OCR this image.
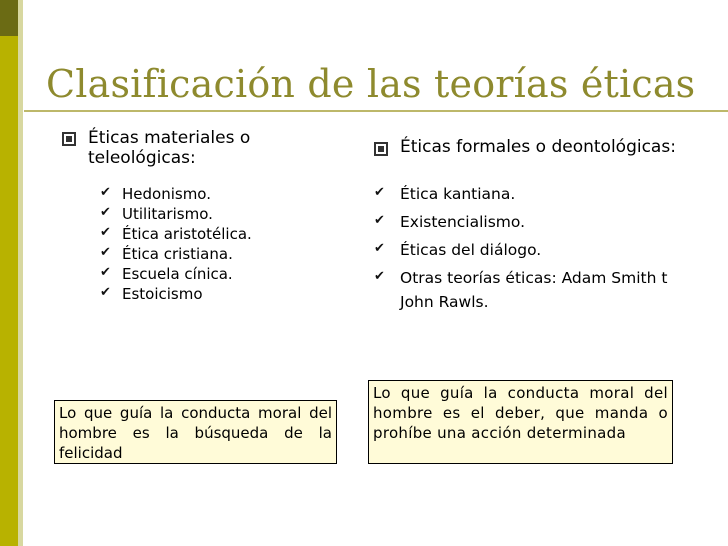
Clasificación de las teorías éticas
Éticas materiales o teleológicas:
✔ Hedonismo.
✔ Utilitarismo.
✔ Ética aristotélica.
✔ Ética cristiana.
✔ Escuela cínica.
✔ Estoicismo
Éticas formales o deontológicas:
✔ Ética kantiana.
✔ Existencialismo.
✔ Éticas del diálogo.
✔ Otras teorías éticas: Adam Smith t John Rawls.
Lo que guía la conducta moral del hombre es la búsqueda de la felicidad
Lo que guía la conducta moral del hombre es el deber, que manda o prohíbe una acción determinada
